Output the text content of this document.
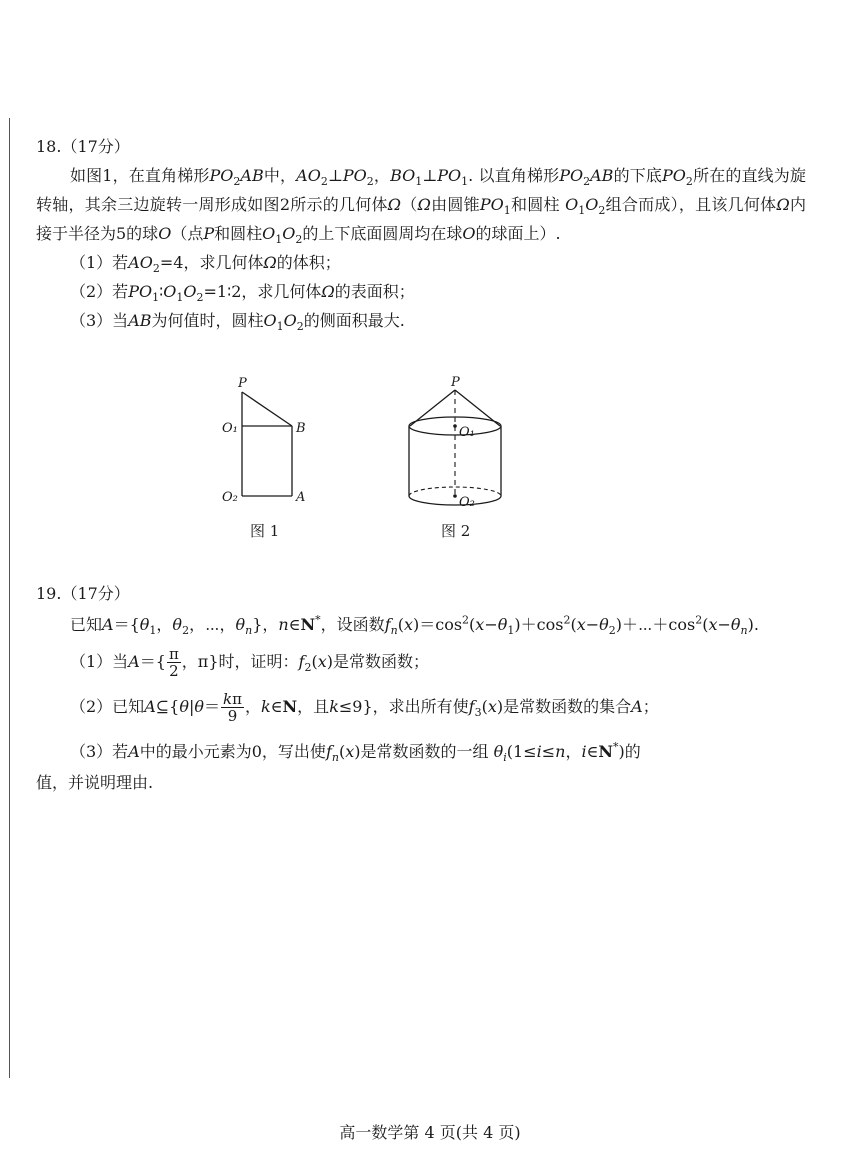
18.（17分）
如图1，在直角梯形$PO_2AB$中，$AO_2\perp PO_2$，$BO_1\perp PO_1$. 以直角梯形$PO_2AB$的下底$PO_2$所在的直线为旋转轴，其余三边旋转一周形成如图2所示的几何体Ω（Ω由圆锥$PO_1$和圆柱 $O_1O_2$组合而成），且该几何体Ω内接于半径为5的球O（点P和圆柱$O_1O_2$的上下底面圆周均在球O的球面上）.
（1）若$AO_2=4$，求几何体Ω的体积；
（2）若$PO_1∶O_1O_2=1∶2$，求几何体Ω的表面积；
（3）当AB为何值时，圆柱$O_1O_2$的侧面积最大.
P
O₁	B
O₂	A
P
O₁
O₂
图 1	图 2
19.（17分）
已知$A=\{\theta_1$，$\theta_2$，⋯，$\theta_n$}，n∈N*，设函数$f_n(x)=\cos^2(x-\theta_1)+\cos^2(x-\theta_2)+\cdots+\cos^2(x-\theta_n)$.
（1）当$A=\{ \frac{\pi}{2}$ ，π}时，证明：$f_2(x)$是常数函数；
（2）已知A⊆{θ|θ＝ $\frac{k\pi}{9}$ ，k∈N，且k≤9}，求出所有使$f_3(x)$是常数函数的集合A；
（3）若A中的最小元素为0，写出使$f_n(x)$是常数函数的一组 $\theta_i(1\le i\le n$，i∈N*)的
值，并说明理由.
高一数学第 4 页(共 4 页)
